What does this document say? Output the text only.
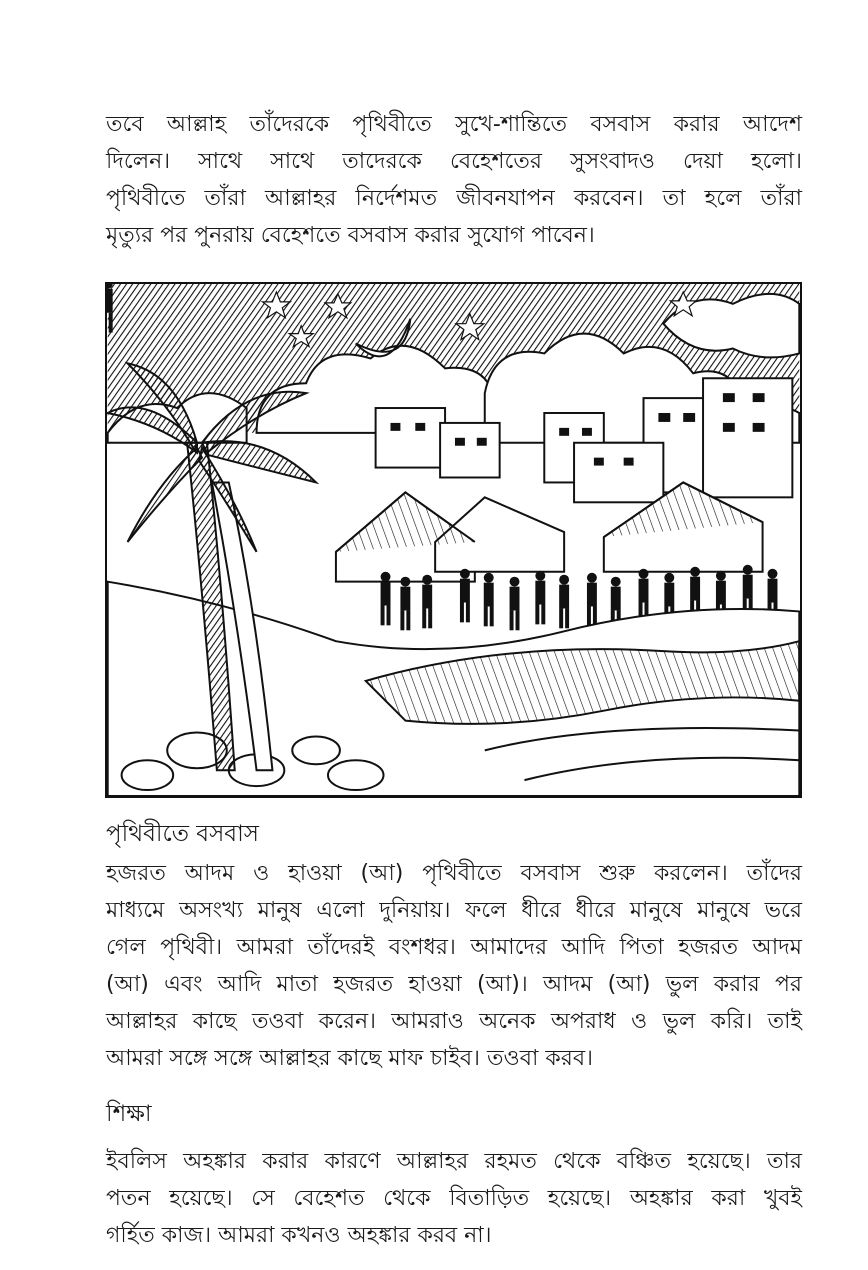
তবে আল্লাহ তাঁদেরকে পৃথিবীতে সুখে-শান্তিতে বসবাস করার আদেশ
দিলেন। সাথে সাথে তাদেরকে বেহেশতের সুসংবাদও দেয়া হলো।
পৃথিবীতে তাঁরা আল্লাহর নির্দেশমত জীবনযাপন করবেন। তা হলে তাঁরা
মৃত্যুর পর পুনরায় বেহেশতে বসবাস করার সুযোগ পাবেন।

পৃথিবীতে বসবাস

হজরত আদম ও হাওয়া (আ) পৃথিবীতে বসবাস শুরু করলেন। তাঁদের
মাধ্যমে অসংখ্য মানুষ এলো দুনিয়ায়। ফলে ধীরে ধীরে মানুষে মানুষে ভরে
গেল পৃথিবী। আমরা তাঁদেরই বংশধর। আমাদের আদি পিতা হজরত আদম
(আ) এবং আদি মাতা হজরত হাওয়া (আ)। আদম (আ) ভুল করার পর
আল্লাহর কাছে তওবা করেন। আমরাও অনেক অপরাধ ও ভুল করি। তাই
আমরা সঙ্গে সঙ্গে আল্লাহর কাছে মাফ চাইব। তওবা করব।

শিক্ষা

ইবলিস অহঙ্কার করার কারণে আল্লাহর রহমত থেকে বঞ্চিত হয়েছে। তার
পতন হয়েছে। সে বেহেশত থেকে বিতাড়িত হয়েছে। অহঙ্কার করা খুবই
গর্হিত কাজ। আমরা কখনও অহঙ্কার করব না।
